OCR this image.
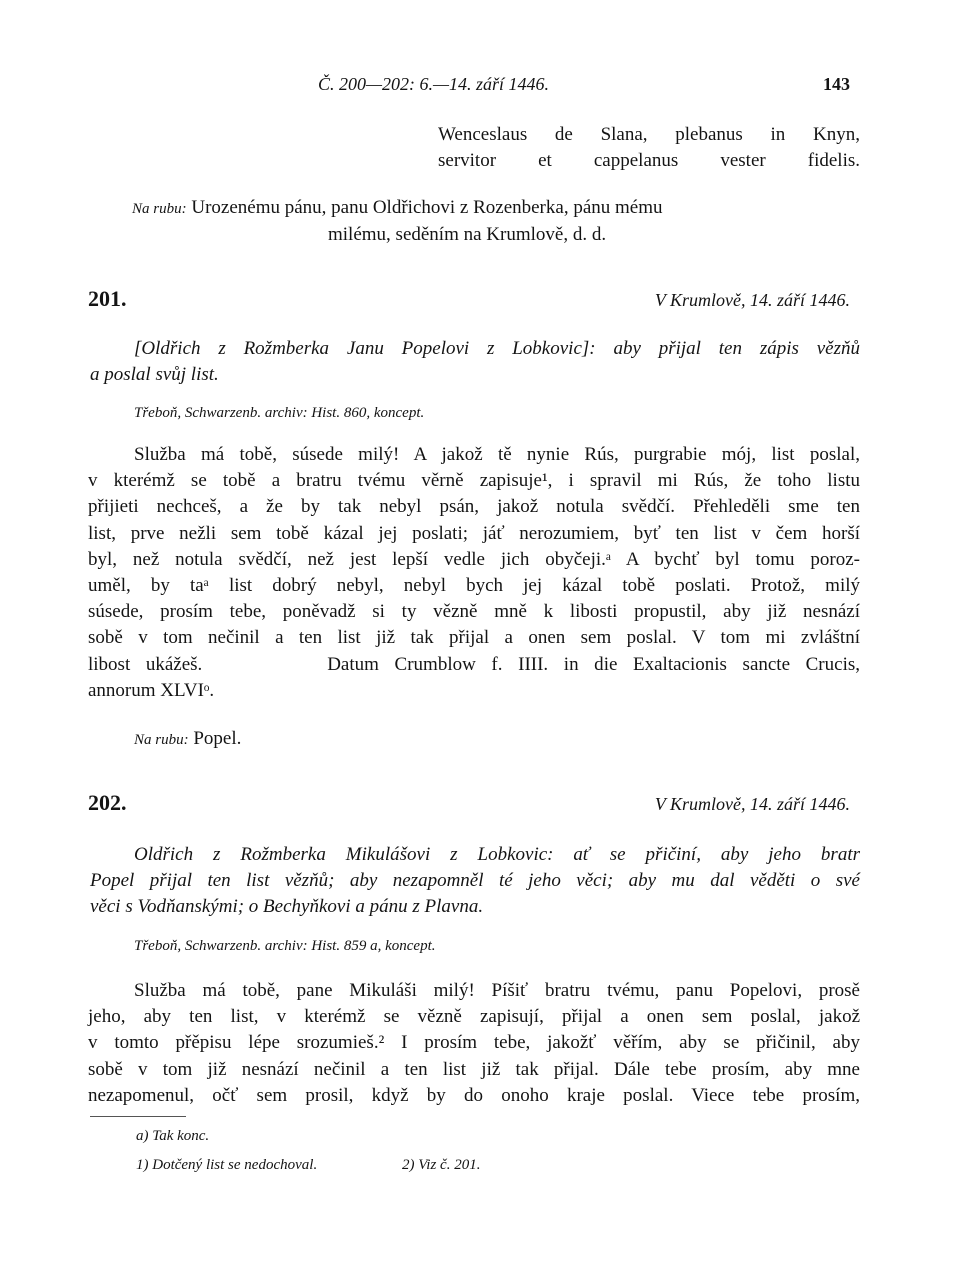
Č. 200—202: 6.—14. září 1446.	143
Wenceslaus de Slana, plebanus in Knyn,
servitor et cappelanus vester fidelis.
Na rubu: Urozenému pánu, panu Oldřichovi z Rozenberka, pánu mému
milému, seděním na Krumlově, d. d.
201.	V Krumlově, 14. září 1446.
[Oldřich z Rožmberka Janu Popelovi z Lobkovic]: aby přijal ten zápis vězňů
a poslal svůj list.
Třeboň, Schwarzenb. archiv: Hist. 860, koncept.
Služba má tobě, súsede milý! A jakož tě nynie Rús, purgrabie mój, list poslal,
v kterémž se tobě a bratru tvému věrně zapisuje¹, i spravil mi Rús, že toho listu
přijieti nechceš, a že by tak nebyl psán, jakož notula svědčí. Přehleděli sme ten
list, prve nežli sem tobě kázal jej poslati; jáť nerozumiem, byť ten list v čem horší
byl, než notula svědčí, než jest lepší vedle jich obyčeji.ᵃ A bychť byl tomu poroz-
uměl, by taᵃ list dobrý nebyl, nebyl bych jej kázal tobě poslati. Protož, milý
súsede, prosím tebe, poněvadž si ty vězně mně k libosti propustil, aby již nesnází
sobě v tom nečinil a ten list již tak přijal a onen sem poslal. V tom mi zvláštní
libost ukážeš.        Datum Crumblow f. IIII. in die Exaltacionis sancte Crucis,
annorum XLVIᵒ.
Na rubu: Popel.
202.	V Krumlově, 14. září 1446.
Oldřich z Rožmberka Mikulášovi z Lobkovic: ať se přičiní, aby jeho bratr
Popel přijal ten list vězňů; aby nezapomněl té jeho věci; aby mu dal věděti o své
věci s Vodňanskými; o Bechyňkovi a pánu z Plavna.
Třeboň, Schwarzenb. archiv: Hist. 859 a, koncept.
Služba má tobě, pane Mikuláši milý! Píšiť bratru tvému, panu Popelovi, prosě
jeho, aby ten list, v kterémž se vězně zapisují, přijal a onen sem poslal, jakož
v tomto přěpisu lépe srozumieš.² I prosím tebe, jakožť věřím, aby se přičinil, aby
sobě v tom již nesnází nečinil a ten list již tak přijal. Dále tebe prosím, aby mne
nezapomenul, očť sem prosil, když by do onoho kraje poslal. Viece tebe prosím,
a) Tak konc.
1) Dotčený list se nedochoval.	2) Viz č. 201.
